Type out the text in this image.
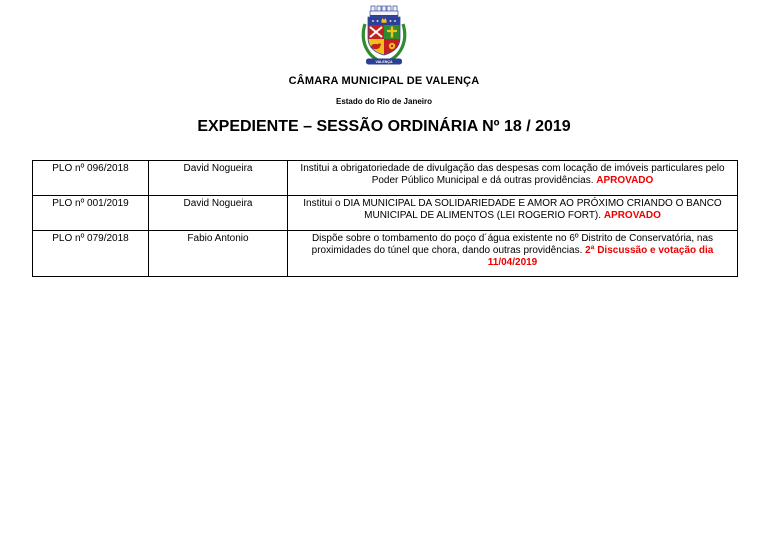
VALENÇA
CÂMARA MUNICIPAL DE VALENÇA
Estado do Rio de Janeiro
EXPEDIENTE – SESSÃO ORDINÁRIA Nº 18 / 2019
PLO nº 096/2018	David Nogueira	Institui a obrigatoriedade de divulgação das despesas com locação de imóveis particulares pelo Poder Público Municipal e dá outras providências. APROVADO
PLO nº 001/2019	David Nogueira	Institui o DIA MUNICIPAL DA SOLIDARIEDADE E AMOR AO PRÓXIMO CRIANDO O BANCO MUNICIPAL DE ALIMENTOS (LEI ROGERIO FORT). APROVADO
PLO nº 079/2018	Fabio Antonio	Dispõe sobre o tombamento do poço d´água existente no 6º Distrito de Conservatória, nas proximidades do túnel que chora, dando outras providências. 2ª Discussão e votação dia 11/04/2019
